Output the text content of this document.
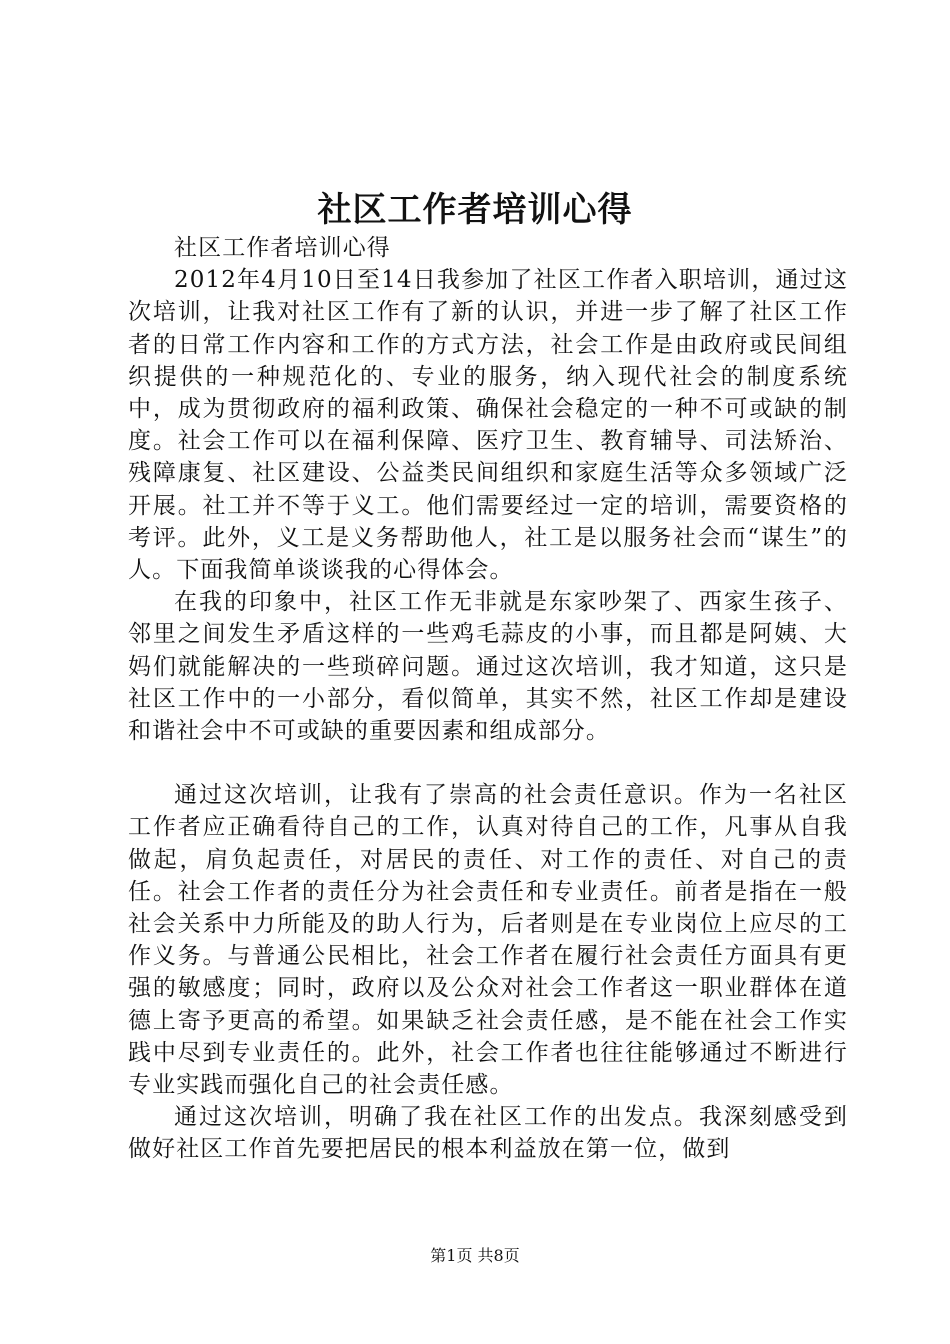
社区工作者培训心得

社区工作者培训心得

2012年4月10日至14日我参加了社区工作者入职培训，通过这次培训，让我对社区工作有了新的认识，并进一步了解了社区工作者的日常工作内容和工作的方式方法，社会工作是由政府或民间组织提供的一种规范化的、专业的服务，纳入现代社会的制度系统中，成为贯彻政府的福利政策、确保社会稳定的一种不可或缺的制度。社会工作可以在福利保障、医疗卫生、教育辅导、司法矫治、残障康复、社区建设、公益类民间组织和家庭生活等众多领域广泛开展。社工并不等于义工。他们需要经过一定的培训，需要资格的考评。此外，义工是义务帮助他人，社工是以服务社会而“谋生”的人。下面我简单谈谈我的心得体会。

在我的印象中，社区工作无非就是东家吵架了、西家生孩子、邻里之间发生矛盾这样的一些鸡毛蒜皮的小事，而且都是阿姨、大妈们就能解决的一些琐碎问题。通过这次培训，我才知道，这只是社区工作中的一小部分，看似简单，其实不然，社区工作却是建设和谐社会中不可或缺的重要因素和组成部分。

通过这次培训，让我有了崇高的社会责任意识。作为一名社区工作者应正确看待自己的工作，认真对待自己的工作，凡事从自我做起，肩负起责任，对居民的责任、对工作的责任、对自己的责任。社会工作者的责任分为社会责任和专业责任。前者是指在一般社会关系中力所能及的助人行为，后者则是在专业岗位上应尽的工作义务。与普通公民相比，社会工作者在履行社会责任方面具有更强的敏感度；同时，政府以及公众对社会工作者这一职业群体在道德上寄予更高的希望。如果缺乏社会责任感，是不能在社会工作实践中尽到专业责任的。此外，社会工作者也往往能够通过不断进行专业实践而强化自己的社会责任感。

通过这次培训，明确了我在社区工作的出发点。我深刻感受到做好社区工作首先要把居民的根本利益放在第一位，做到

第1页 共8页
